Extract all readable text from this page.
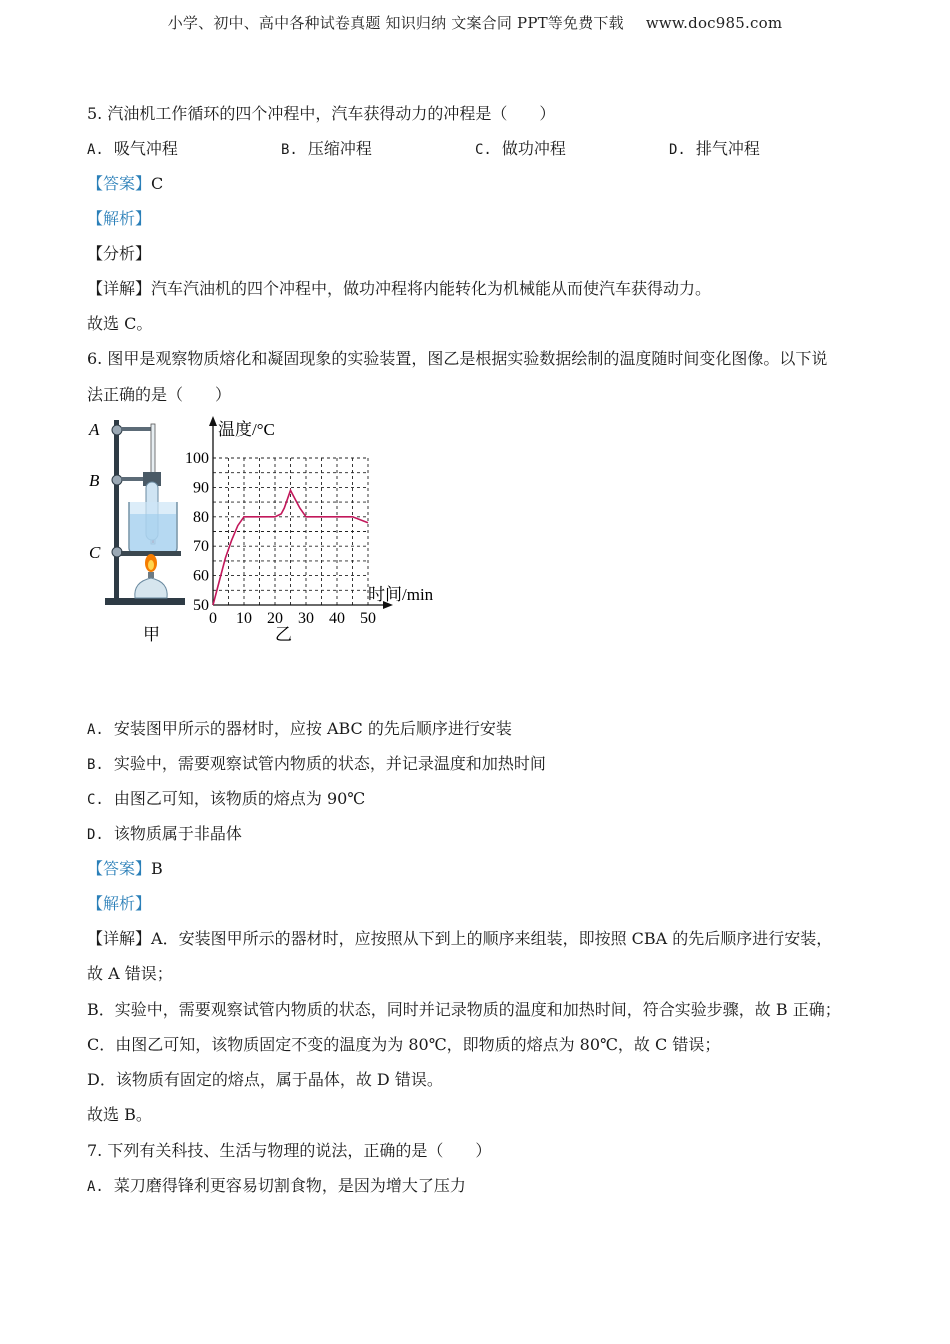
小学、初中、高中各种试卷真题 知识归纳 文案合同 PPT等免费下载 www.doc985.com
5. 汽油机工作循环的四个冲程中，汽车获得动力的冲程是（　　）
A. 吸气冲程	B. 压缩冲程	C. 做功冲程	D. 排气冲程
【答案】C
【解析】
【分析】
【详解】汽车汽油机的四个冲程中，做功冲程将内能转化为机械能从而使汽车获得动力。
故选 C。
6. 图甲是观察物质熔化和凝固现象的实验装置，图乙是根据实验数据绘制的温度随时间变化图像。以下说
法正确的是（　　）
A
B
C
甲
0 10 20 30 40 50
50
60
70
80
90
100
温度/°C
时间/min
乙
A. 安装图甲所示的器材时，应按 ABC 的先后顺序进行安装
B. 实验中，需要观察试管内物质的状态，并记录温度和加热时间
C. 由图乙可知，该物质的熔点为 90℃
D. 该物质属于非晶体
【答案】B
【解析】
【详解】A．安装图甲所示的器材时，应按照从下到上的顺序来组装，即按照 CBA 的先后顺序进行安装，
故 A 错误；
B．实验中，需要观察试管内物质的状态，同时并记录物质的温度和加热时间，符合实验步骤，故 B 正确；
C．由图乙可知，该物质固定不变的温度为为 80℃，即物质的熔点为 80℃，故 C 错误；
D．该物质有固定的熔点，属于晶体，故 D 错误。
故选 B。
7. 下列有关科技、生活与物理的说法，正确的是（　　）
A. 菜刀磨得锋利更容易切割食物，是因为增大了压力
